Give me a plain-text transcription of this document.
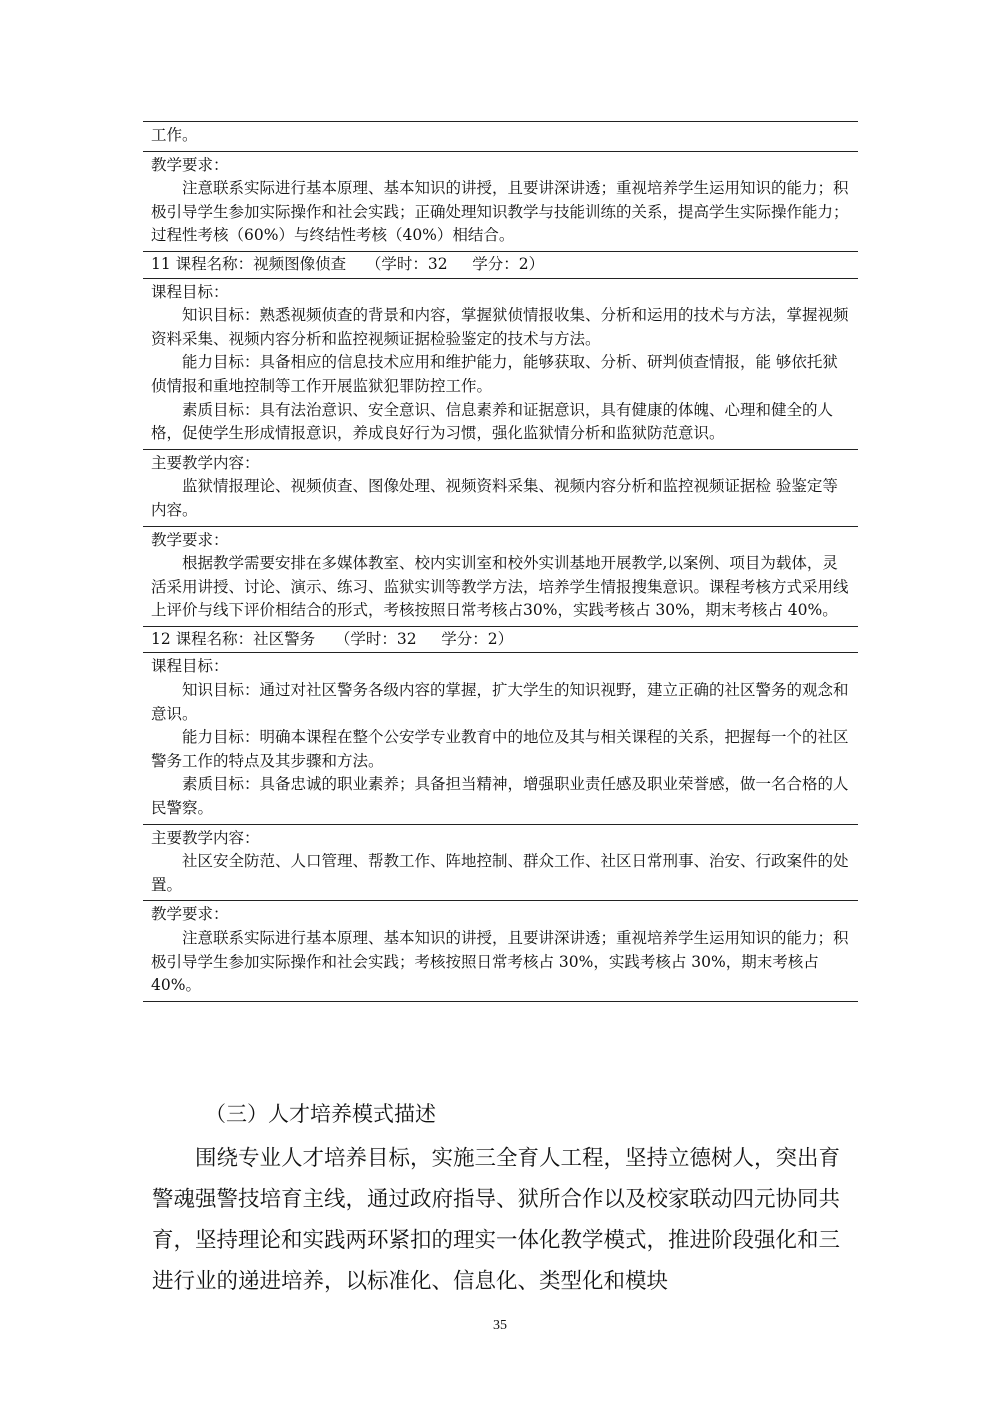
工作。

教学要求：

注意联系实际进行基本原理、基本知识的讲授，且要讲深讲透；重视培养学生运用知识的能力；积极引导学生参加实际操作和社会实践；正确处理知识教学与技能训练的关系，提高学生实际操作能力；过程性考核（60%）与终结性考核（40%）相结合。

11 课程名称：视频图像侦查    （学时：32     学分：2）

课程目标：

知识目标：熟悉视频侦查的背景和内容，掌握狱侦情报收集、分析和运用的技术与方法，掌握视频资料采集、视频内容分析和监控视频证据检验鉴定的技术与方法。

能力目标：具备相应的信息技术应用和维护能力，能够获取、分析、研判侦查情报，能 够依托狱侦情报和重地控制等工作开展监狱犯罪防控工作。

素质目标：具有法治意识、安全意识、信息素养和证据意识，具有健康的体魄、心理和健全的人格，促使学生形成情报意识，养成良好行为习惯，强化监狱情分析和监狱防范意识。

主要教学内容：

监狱情报理论、视频侦查、图像处理、视频资料采集、视频内容分析和监控视频证据检 验鉴定等内容。

教学要求：

根据教学需要安排在多媒体教室、校内实训室和校外实训基地开展教学,以案例、项目为载体，灵活采用讲授、讨论、演示、练习、监狱实训等教学方法，培养学生情报搜集意识。课程考核方式采用线上评价与线下评价相结合的形式，考核按照日常考核占30%，实践考核占 30%，期末考核占 40%。

12 课程名称：社区警务    （学时：32     学分：2）

课程目标：

知识目标：通过对社区警务各级内容的掌握，扩大学生的知识视野，建立正确的社区警务的观念和意识。

能力目标：明确本课程在整个公安学专业教育中的地位及其与相关课程的关系，把握每一个的社区警务工作的特点及其步骤和方法。

素质目标：具备忠诚的职业素养；具备担当精神，增强职业责任感及职业荣誉感，做一名合格的人民警察。

主要教学内容：

社区安全防范、人口管理、帮教工作、阵地控制、群众工作、社区日常刑事、治安、行政案件的处置。

教学要求：

注意联系实际进行基本原理、基本知识的讲授，且要讲深讲透；重视培养学生运用知识的能力；积极引导学生参加实际操作和社会实践；考核按照日常考核占 30%，实践考核占 30%，期末考核占 40%。

（三）人才培养模式描述

围绕专业人才培养目标，实施三全育人工程，坚持立德树人，突出育警魂强警技培育主线，通过政府指导、狱所合作以及校家联动四元协同共育，坚持理论和实践两环紧扣的理实一体化教学模式，推进阶段强化和三进行业的递进培养，以标准化、信息化、类型化和模块

35
